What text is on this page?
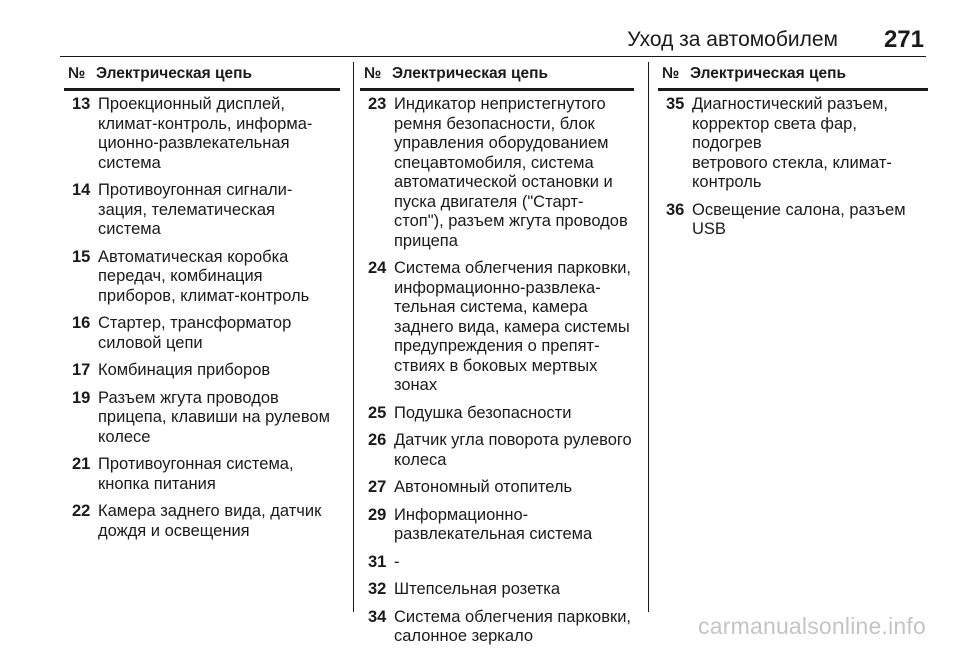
Уход за автомобилем 271
№ Электрическая цепь
13 Проекционный дисплей,
климат-контроль, информа-
ционно-развлекательная
система
14 Противоугонная сигнали-
зация, телематическая
система
15 Автоматическая коробка
передач, комбинация
приборов, климат-контроль
16 Стартер, трансформатор
силовой цепи
17 Комбинация приборов
19 Разъем жгута проводов
прицепа, клавиши на рулевом
колесе
21 Противоугонная система,
кнопка питания
22 Камера заднего вида, датчик
дождя и освещения
№ Электрическая цепь
23 Индикатор непристегнутого
ремня безопасности, блок
управления оборудованием
спецавтомобиля, система
автоматической остановки и
пуска двигателя ("Старт-
стоп"), разъем жгута проводов
прицепа
24 Система облегчения парковки,
информационно-развлека-
тельная система, камера
заднего вида, камера системы
предупреждения о препят-
ствиях в боковых мертвых
зонах
25 Подушка безопасности
26 Датчик угла поворота рулевого
колеса
27 Автономный отопитель
29 Информационно-
развлекательная система
31 -
32 Штепсельная розетка
34 Система облегчения парковки,
салонное зеркало
№ Электрическая цепь
35 Диагностический разъем,
корректор света фар, подогрев
ветрового стекла, климат-
контроль
36 Освещение салона, разъем
USB
carmanualsonline.info
